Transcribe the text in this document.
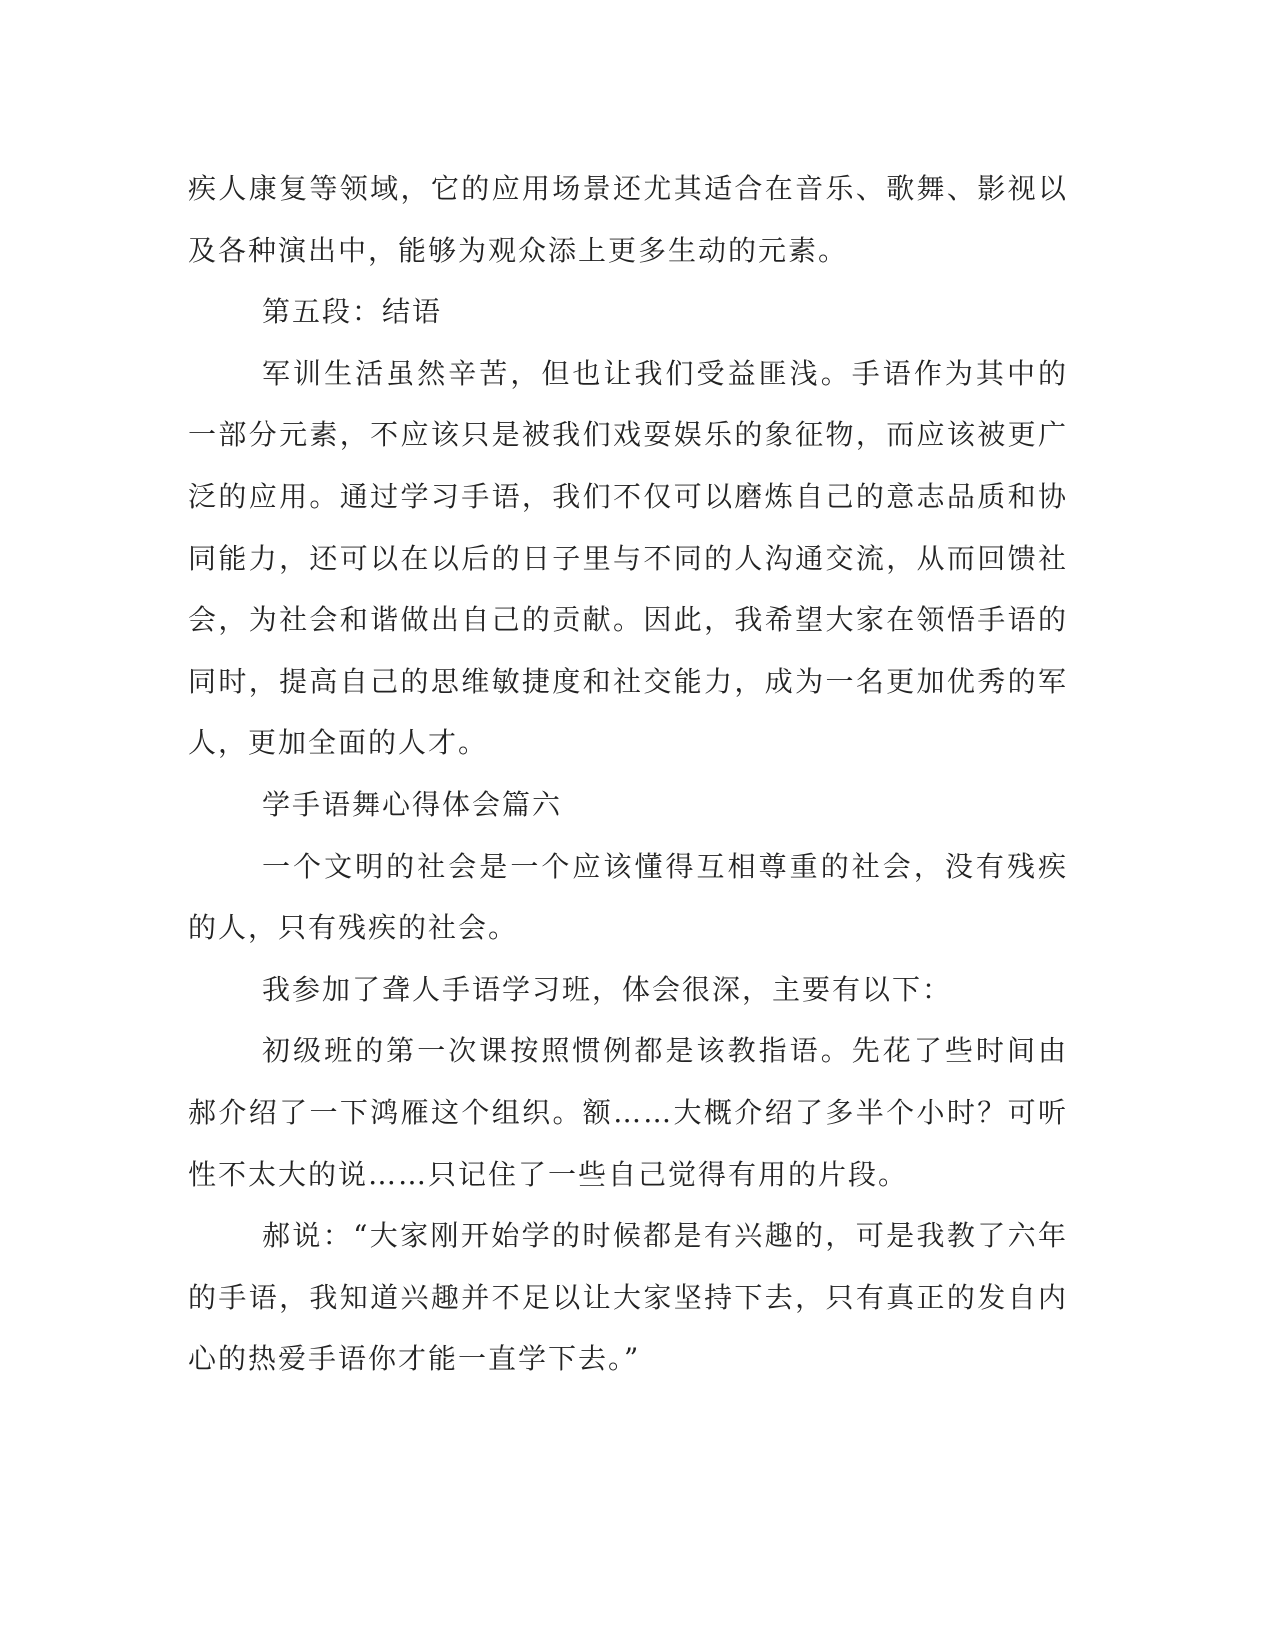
疾人康复等领域，它的应用场景还尤其适合在音乐、歌舞、影视以及各种演出中，能够为观众添上更多生动的元素。

第五段：结语

军训生活虽然辛苦，但也让我们受益匪浅。手语作为其中的一部分元素，不应该只是被我们戏耍娱乐的象征物，而应该被更广泛的应用。通过学习手语，我们不仅可以磨炼自己的意志品质和协同能力，还可以在以后的日子里与不同的人沟通交流，从而回馈社会，为社会和谐做出自己的贡献。因此，我希望大家在领悟手语的同时，提高自己的思维敏捷度和社交能力，成为一名更加优秀的军人，更加全面的人才。

学手语舞心得体会篇六

一个文明的社会是一个应该懂得互相尊重的社会，没有残疾的人，只有残疾的社会。

我参加了聋人手语学习班，体会很深，主要有以下：

初级班的第一次课按照惯例都是该教指语。先花了些时间由郝介绍了一下鸿雁这个组织。额……大概介绍了多半个小时？可听性不太大的说……只记住了一些自己觉得有用的片段。

郝说：“大家刚开始学的时候都是有兴趣的，可是我教了六年的手语，我知道兴趣并不足以让大家坚持下去，只有真正的发自内心的热爱手语你才能一直学下去。”
